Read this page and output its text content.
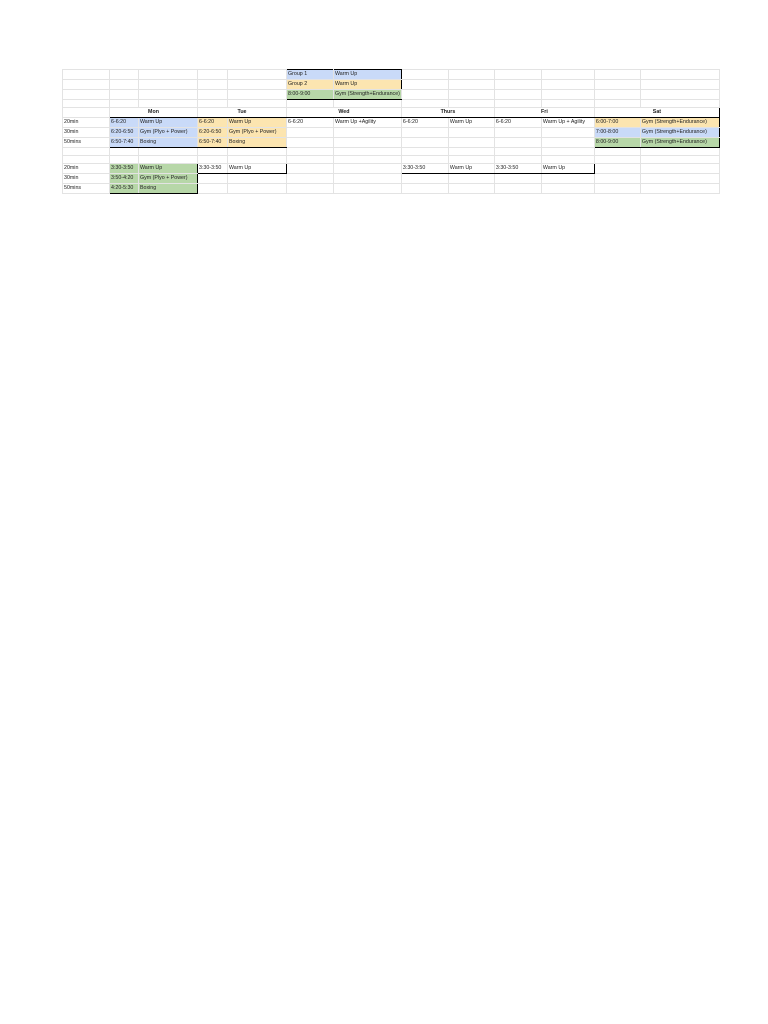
					Group 1	Warm Up						
					Group 2	Warm Up						
					8:00-9:00	Gym (Strength+Endurance)						

	Mon		Tue		Wed		Thurs		Fri		Sat	
20min	6-6:20	Warm Up	6-6:20	Warm Up	6-6:20	Warm Up +Agility	6-6:20	Warm Up	6-6:20	Warm Up + Agility	6:00-7:00	Gym (Strength+Endurance)
30min	6:20-6:50	Gym (Plyo + Power)	6:20-6:50	Gym (Plyo + Power)							7:00-8:00	Gym (Strength+Endurance)
50mins	6:50-7:40	Boxing	6:50-7:40	Boxing							8:00-9:00	Gym (Strength+Endurance)

20min	3:30-3:50	Warm Up	3:30-3:50	Warm Up			3:30-3:50	Warm Up	3:30-3:50	Warm Up		
30min	3:50-4:20	Gym (Plyo + Power)										
50mins	4:20-5:30	Boxing										
